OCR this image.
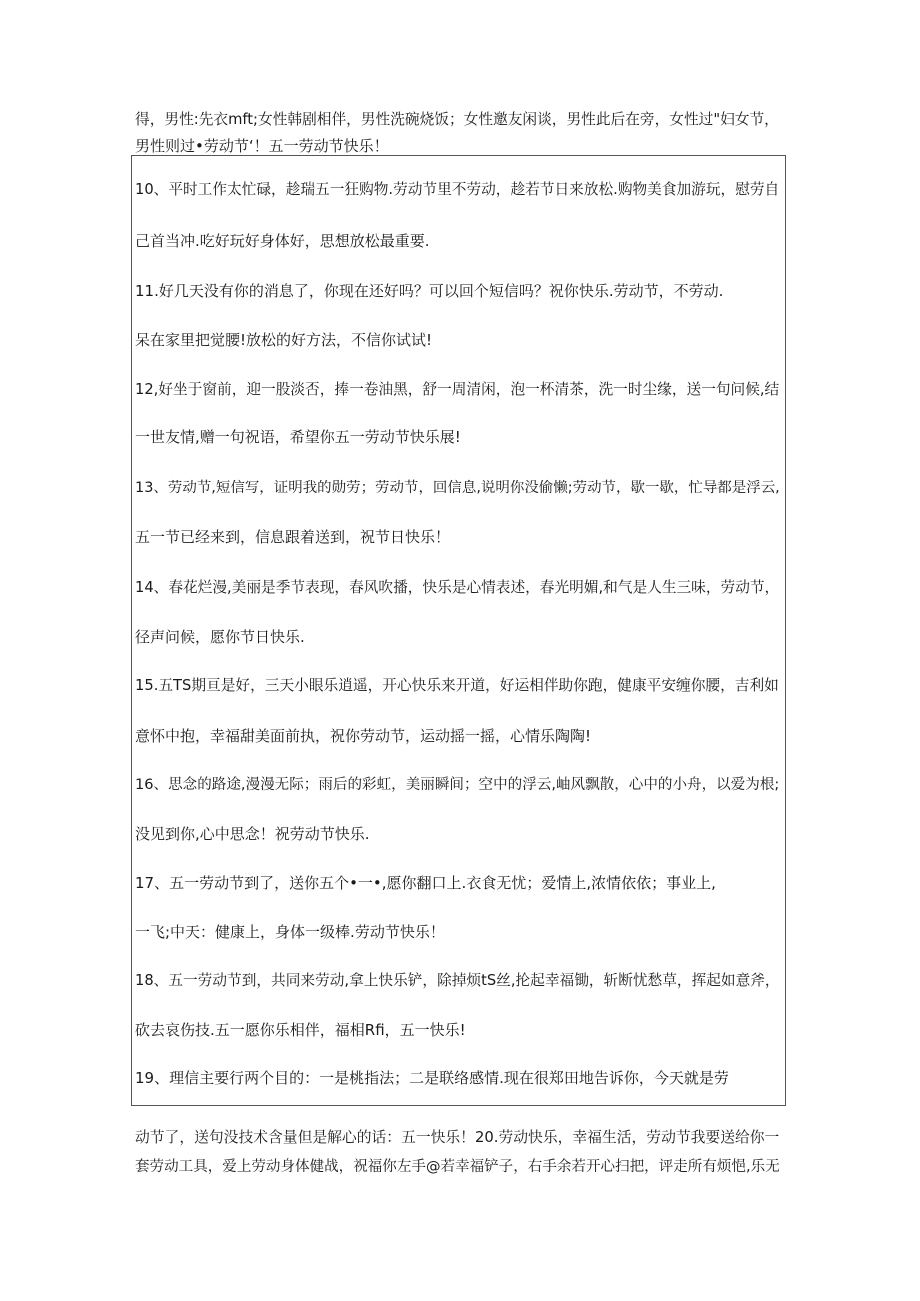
得，男性:先衣mft;女性韩剧相伴，男性洗碗烧饭；女性邀友闲谈，男性此后在旁，女性过"妇女节，
男性则过•劳动节‘！五一劳动节快乐！
10、平时工作太忙碌，趁瑞五一狂购物.劳动节里不劳动，趁若节日来放松.购物美食加游玩，慰劳自
己首当冲.吃好玩好身体好，思想放松最重要.
11.好几天没有你的消息了，你现在还好吗？可以回个短信吗？祝你快乐.劳动节，不劳动.
呆在家里把觉腰!放松的好方法，不信你试试!
12,好坐于窗前，迎一股淡否，捧一卷油黑，舒一周清闲，泡一杯清茶，洗一时尘缘，送一句问候,结
一世友情,赠一句祝语，希望你五一劳动节快乐展!
13、劳动节,短信写，证明我的勋劳；劳动节，回信息,说明你没偷懒;劳动节，歇一歇，忙导都是浮云,
五一节已经来到，信息跟着送到，祝节日快乐！
14、春花烂漫,美丽是季节表现，春风吹播，快乐是心情表述，春光明媚,和气是人生三味，劳动节，
径声问候，愿你节日快乐.
15.五TS期亘是好，三天小眼乐逍遥，开心快乐来开道，好运相伴助你跑，健康平安缠你腰，吉利如
意怀中抱，幸福甜美面前执，祝你劳动节，运动摇一摇，心情乐陶陶!
16、思念的路途,漫漫无际；雨后的彩虹，美丽瞬间；空中的浮云,岫风飘散，心中的小舟，以爱为根;
没见到你,心中思念！祝劳动节快乐.
17、五一劳动节到了，送你五个•一•,愿你翻口上.衣食无忧；爱情上,浓情依依；事业上,
一飞;中天：健康上，身体一级棒.劳动节快乐！
18、五一劳动节到，共同来劳动,拿上快乐铲，除掉烦tS丝,抡起幸福锄，斩断忧愁草，挥起如意斧，
砍去哀伤技.五一愿你乐相伴，福相Rfi，五一快乐!
19、理信主要行两个目的：一是桃指法；二是联络感情.现在很郑田地告诉你，今天就是劳
动节了，送句没技术含量但是解心的话：五一快乐！20.劳动快乐，幸福生活，劳动节我要送给你一
套劳动工具，爱上劳动身体健战，祝福你左手@若幸福铲子，右手余若开心扫把，评走所有烦悒,乐无
